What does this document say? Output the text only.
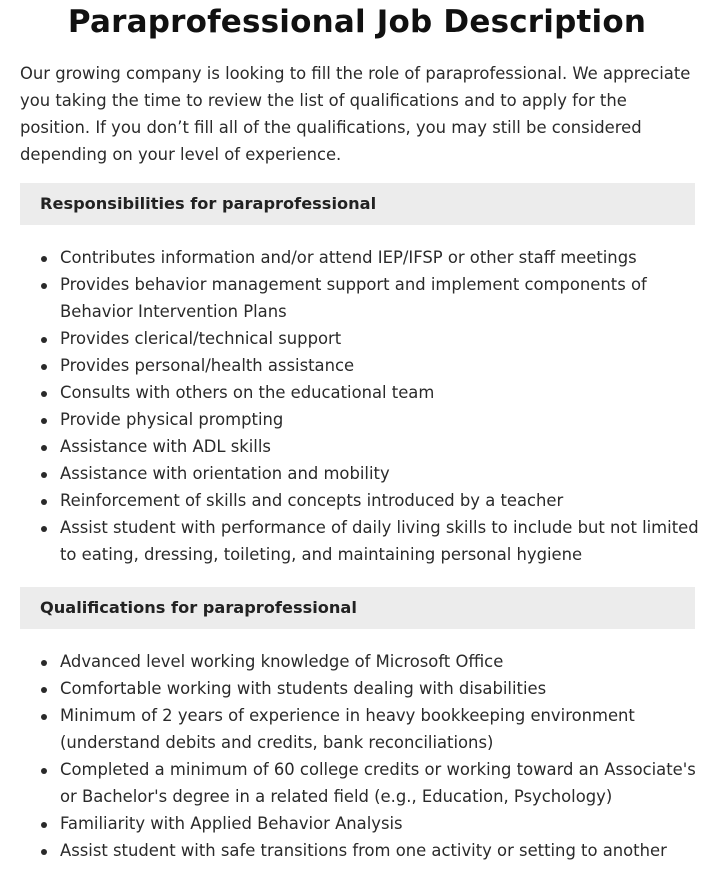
Paraprofessional Job Description

Our growing company is looking to fill the role of paraprofessional. We appreciate you taking the time to review the list of qualifications and to apply for the position. If you don’t fill all of the qualifications, you may still be considered depending on your level of experience.

Responsibilities for paraprofessional
Contributes information and/or attend IEP/IFSP or other staff meetings
Provides behavior management support and implement components of Behavior Intervention Plans
Provides clerical/technical support
Provides personal/health assistance
Consults with others on the educational team
Provide physical prompting
Assistance with ADL skills
Assistance with orientation and mobility
Reinforcement of skills and concepts introduced by a teacher
Assist student with performance of daily living skills to include but not limited to eating, dressing, toileting, and maintaining personal hygiene
Qualifications for paraprofessional
Advanced level working knowledge of Microsoft Office
Comfortable working with students dealing with disabilities
Minimum of 2 years of experience in heavy bookkeeping environment (understand debits and credits, bank reconciliations)
Completed a minimum of 60 college credits or working toward an Associate's or Bachelor's degree in a related field (e.g., Education, Psychology)
Familiarity with Applied Behavior Analysis
Assist student with safe transitions from one activity or setting to another
